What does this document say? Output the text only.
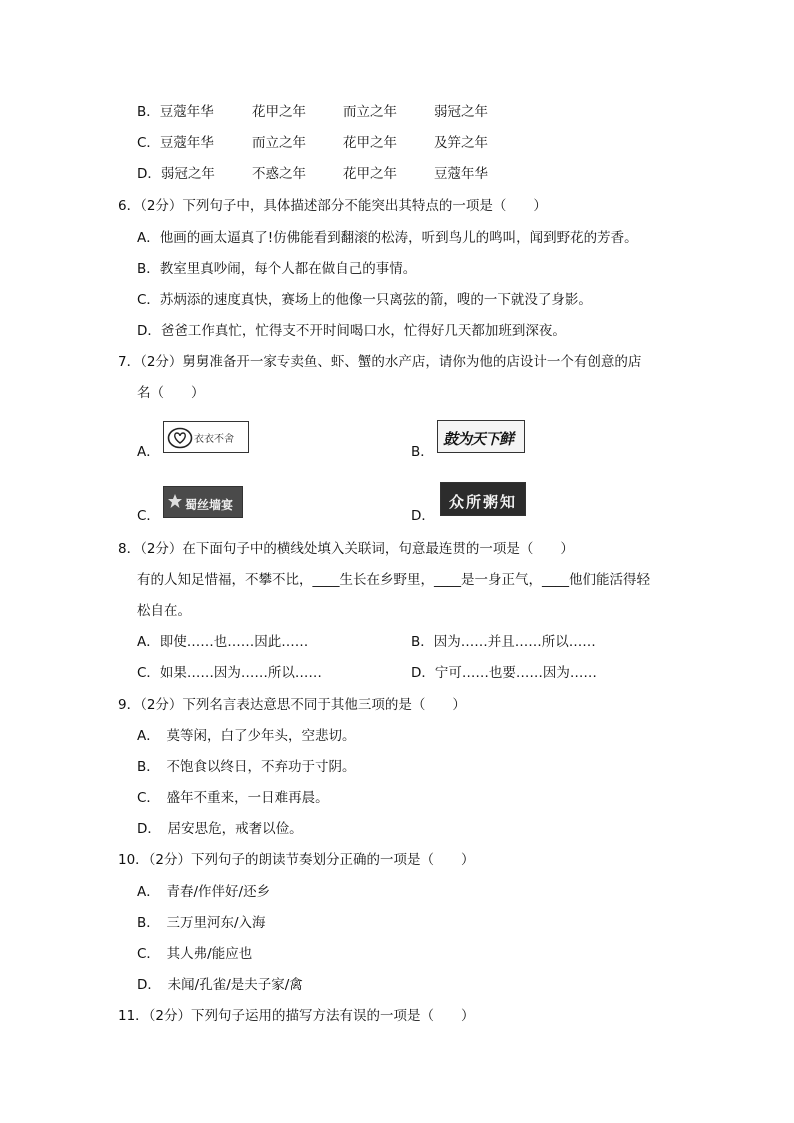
B．豆蔻年华	花甲之年	而立之年	弱冠之年
C．豆蔻年华	而立之年	花甲之年	及笄之年
D．弱冠之年	不惑之年	花甲之年	豆蔻年华
6．（2分）下列句子中，具体描述部分不能突出其特点的一项是（　　）
A．他画的画太逼真了!仿佛能看到翻滚的松涛，听到鸟儿的鸣叫，闻到野花的芳香。
B．教室里真吵闹，每个人都在做自己的事情。
C．苏炳添的速度真快，赛场上的他像一只离弦的箭，嗖的一下就没了身影。
D．爸爸工作真忙，忙得支不开时间喝口水，忙得好几天都加班到深夜。
7．（2分）舅舅准备开一家专卖鱼、虾、蟹的水产店，请你为他的店设计一个有创意的店
名（　　）
A．
衣衣不舍
B．
鼓为天下鲜
C．
蜀丝墙宴
D．
众所粥知
8．（2分）在下面句子中的横线处填入关联词，句意最连贯的一项是（　　）
有的人知足惜福，不攀不比，____生长在乡野里，____是一身正气，____他们能活得轻
松自在。
A．即使……也……因此……	B．因为……并且……所以……
C．如果……因为……所以……	D．宁可……也要……因为……
9．（2分）下列名言表达意思不同于其他三项的是（　　）
A．　莫等闲，白了少年头，空悲切。
B．　不饱食以终日，不弃功于寸阴。
C．　盛年不重来，一日难再晨。
D．　居安思危，戒奢以俭。
10．（2分）下列句子的朗读节奏划分正确的一项是（　　）
A．　青春/作伴好/还乡
B．　三万里河东/入海
C．　其人弗/能应也
D．　未闻/孔雀/是夫子家/禽
11．（2分）下列句子运用的描写方法有误的一项是（　　）
